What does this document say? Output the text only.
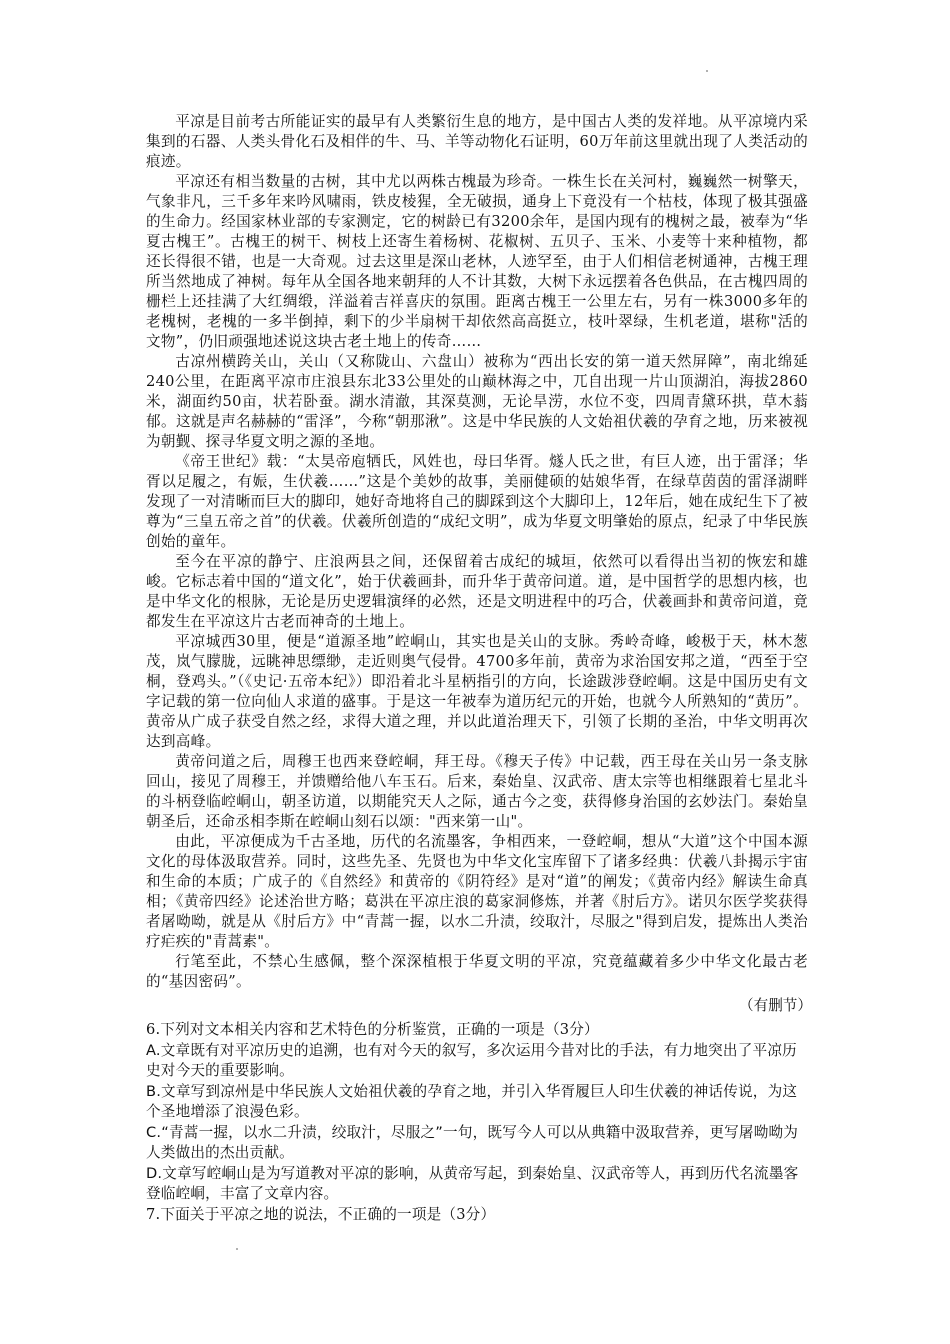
平凉是目前考古所能证实的最早有人类繁衍生息的地方，是中国古人类的发祥地。从平凉境内采集到的石器、人类头骨化石及相伴的牛、马、羊等动物化石证明，60万年前这里就出现了人类活动的痕迹。

平凉还有相当数量的古树，其中尤以两株古槐最为珍奇。一株生长在关河村，巍巍然一树擎天，气象非凡，三千多年来吟风啸雨，铁皮棱猩，全无破损，通身上下竟没有一个枯枝，体现了极其强盛的生命力。经国家林业部的专家测定，它的树龄已有3200余年，是国内现有的槐树之最，被奉为“华夏古槐王”。古槐王的树干、树枝上还寄生着杨树、花椒树、五贝子、玉米、小麦等十来种植物，都还长得很不错，也是一大奇观。过去这里是深山老林，人迹罕至，由于人们相信老树通神，古槐王理所当然地成了神树。每年从全国各地来朝拜的人不计其数，大树下永远摆着各色供品，在古槐四周的栅栏上还挂满了大红绸缎，洋溢着吉祥喜庆的氛围。距离古槐王一公里左右，另有一株3000多年的老槐树，老槐的一多半倒掉，剩下的少半扇树干却依然高高挺立，枝叶翠绿，生机老道，堪称"活的文物”，仍旧顽强地述说这块古老土地上的传奇……

古凉州横跨关山，关山（又称陇山、六盘山）被称为“西出长安的第一道天然屏障”，南北绵延240公里，在距离平凉市庄浪县东北33公里处的山巅林海之中，兀自出现一片山顶湖泊，海拔2860米，湖面约50亩，状若卧蚕。湖水清澈，其深莫测，无论旱涝，水位不变，四周青黛环拱，草木蓊郁。这就是声名赫赫的“雷泽”，今称“朝那湫”。这是中华民族的人文始祖伏羲的孕育之地，历来被视为朝觐、探寻华夏文明之源的圣地。

《帝王世纪》载：“太昊帝庖牺氏，风姓也，母曰华胥。燧人氏之世，有巨人迹，出于雷泽；华胥以足履之，有娠，生伏羲……”这是个美妙的故事，美丽健硕的姑娘华胥，在绿草茵茵的雷泽湖畔发现了一对清晰而巨大的脚印，她好奇地将自己的脚踩到这个大脚印上，12年后，她在成纪生下了被尊为“三皇五帝之首”的伏羲。伏羲所创造的“成纪文明”，成为华夏文明肇始的原点，纪录了中华民族创始的童年。

至今在平凉的静宁、庄浪两县之间，还保留着古成纪的城垣，依然可以看得出当初的恢宏和雄峻。它标志着中国的“道文化”，始于伏羲画卦，而升华于黄帝问道。道，是中国哲学的思想内核，也是中华文化的根脉，无论是历史逻辑演绎的必然，还是文明进程中的巧合，伏羲画卦和黄帝问道，竟都发生在平凉这片古老而神奇的土地上。

平凉城西30里，便是“道源圣地”崆峒山，其实也是关山的支脉。秀岭奇峰，峻极于天，林木葱茂，岚气朦胧，远眺神思缥缈，走近则奥气侵骨。4700多年前，黄帝为求治国安邦之道，“西至于空桐，登鸡头。”（《史记·五帝本纪》）即沿着北斗星柄指引的方向，长途跋涉登崆峒。这是中国历史有文字记载的第一位向仙人求道的盛事。于是这一年被奉为道历纪元的开始，也就今人所熟知的“黄历”。黄帝从广成子获受自然之经，求得大道之理，并以此道治理天下，引领了长期的圣治，中华文明再次达到高峰。

黄帝问道之后，周穆王也西来登崆峒，拜王母。《穆天子传》中记载，西王母在关山另一条支脉回山，接见了周穆王，并馈赠给他八车玉石。后来，秦始皇、汉武帝、唐太宗等也相继跟着七星北斗的斗柄登临崆峒山，朝圣访道，以期能究天人之际，通古今之变，获得修身治国的玄妙法门。秦始皇朝圣后，还命丞相李斯在崆峒山刻石以颂："西来第一山"。

由此，平凉便成为千古圣地，历代的名流墨客，争相西来，一登崆峒，想从“大道”这个中国本源文化的母体汲取营养。同时，这些先圣、先贤也为中华文化宝库留下了诸多经典：伏羲八卦揭示宇宙和生命的本质；广成子的《自然经》和黄帝的《阴符经》是对“道”的阐发；《黄帝内经》解读生命真相；《黄帝四经》论述治世方略；葛洪在平凉庄浪的葛家洞修炼，并著《肘后方》。诺贝尔医学奖获得者屠呦呦，就是从《肘后方》中“青蒿一握，以水二升渍，绞取汁，尽服之"得到启发，提炼出人类治疗疟疾的"青蒿素"。

行笔至此，不禁心生感佩，整个深深植根于华夏文明的平凉，究竟蕴藏着多少中华文化最古老的“基因密码”。

（有删节）

6.下列对文本相关内容和艺术特色的分析鉴赏，正确的一项是（3分）

A.文章既有对平凉历史的追溯，也有对今天的叙写，多次运用今昔对比的手法，有力地突出了平凉历史对今天的重要影响。

B.文章写到凉州是中华民族人文始祖伏羲的孕育之地，并引入华胥履巨人印生伏羲的神话传说，为这个圣地增添了浪漫色彩。

C.“青蒿一握，以水二升渍，绞取汁，尽服之”一句，既写今人可以从典籍中汲取营养，更写屠呦呦为人类做出的杰出贡献。

D.文章写崆峒山是为写道教对平凉的影响，从黄帝写起，到秦始皇、汉武帝等人，再到历代名流墨客登临崆峒，丰富了文章内容。

7.下面关于平凉之地的说法，不正确的一项是（3分）
